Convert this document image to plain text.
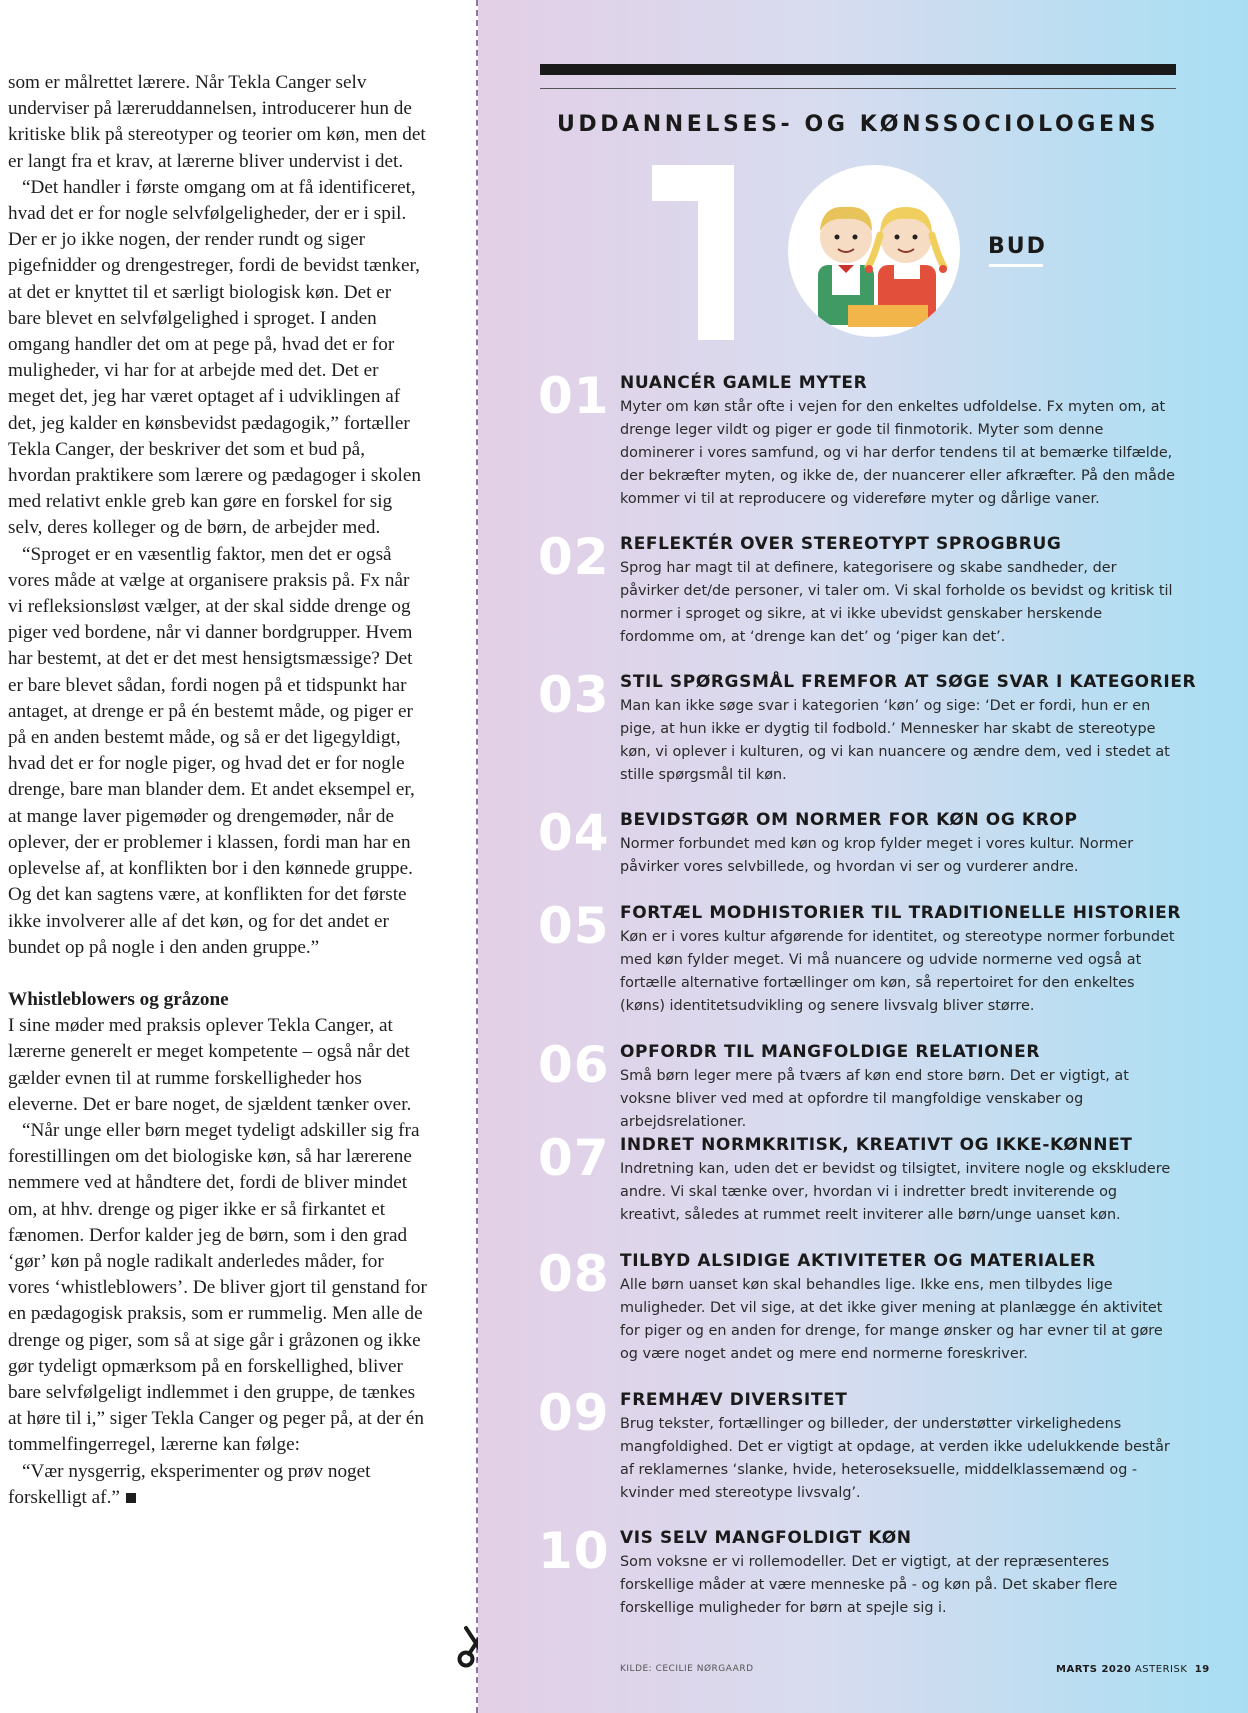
som er målrettet lærere. Når Tekla Canger selv underviser på læreruddannelsen, introducerer hun de kritiske blik på stereotyper og teorier om køn, men det er langt fra et krav, at lærerne bliver undervist i det.

“Det handler i første omgang om at få identificeret, hvad det er for nogle selvfølgeligheder, der er i spil. Der er jo ikke nogen, der render rundt og siger pigefnidder og drengestreger, fordi de bevidst tænker, at det er knyttet til et særligt biologisk køn. Det er bare blevet en selvfølgelighed i sproget. I anden omgang handler det om at pege på, hvad det er for muligheder, vi har for at arbejde med det. Det er meget det, jeg har været optaget af i udviklingen af det, jeg kalder en kønsbevidst pædagogik,” fortæller Tekla Canger, der beskriver det som et bud på, hvordan praktikere som lærere og pædagoger i skolen med relativt enkle greb kan gøre en forskel for sig selv, deres kolleger og de børn, de arbejder med.

“Sproget er en væsentlig faktor, men det er også vores måde at vælge at organisere praksis på. Fx når vi refleksionsløst vælger, at der skal sidde drenge og piger ved bordene, når vi danner bordgrupper. Hvem har bestemt, at det er det mest hensigtsmæssige? Det er bare blevet sådan, fordi nogen på et tidspunkt har antaget, at drenge er på én bestemt måde, og piger er på en anden bestemt måde, og så er det ligegyldigt, hvad det er for nogle piger, og hvad det er for nogle drenge, bare man blander dem. Et andet eksempel er, at mange laver pigemøder og drengemøder, når de oplever, der er problemer i klassen, fordi man har en oplevelse af, at konflikten bor i den kønnede gruppe. Og det kan sagtens være, at konflikten for det første ikke involverer alle af det køn, og for det andet er bundet op på nogle i den anden gruppe.”

Whistleblowers og gråzone

I sine møder med praksis oplever Tekla Canger, at lærerne generelt er meget kompetente – også når det gælder evnen til at rumme forskelligheder hos eleverne. Det er bare noget, de sjældent tænker over.

“Når unge eller børn meget tydeligt adskiller sig fra forestillingen om det biologiske køn, så har lærerene nemmere ved at håndtere det, fordi de bliver mindet om, at hhv. drenge og piger ikke er så firkantet et fænomen. Derfor kalder jeg de børn, som i den grad ‘gør’ køn på nogle radikalt anderledes måder, for vores ‘whistleblowers’. De bliver gjort til genstand for en pædagogisk praksis, som er rummelig. Men alle de drenge og piger, som så at sige går i gråzonen og ikke gør tydeligt opmærksom på en forskellighed, bliver bare selvfølgeligt indlemmet i den gruppe, de tænkes at høre til i,” siger Tekla Canger og peger på, at der én tommelfingerregel, lærerne kan følge:

“Vær nysgerrig, eksperimenter og prøv noget forskelligt af.”

UDDANNELSES- OG KØNSSOCIOLOGENS
BUD
01 NUANCÉR GAMLE MYTER
Myter om køn står ofte i vejen for den enkeltes udfoldelse. Fx myten om, at drenge leger vildt og piger er gode til finmotorik. Myter som denne dominerer i vores samfund, og vi har derfor tendens til at bemærke tilfælde, der bekræfter myten, og ikke de, der nuancerer eller afkræfter. På den måde kommer vi til at reproducere og videreføre myter og dårlige vaner.
02 REFLEKTÉR OVER STEREOTYPT SPROGBRUG
Sprog har magt til at definere, kategorisere og skabe sandheder, der påvirker det/de personer, vi taler om. Vi skal forholde os bevidst og kritisk til normer i sproget og sikre, at vi ikke ubevidst genskaber herskende fordomme om, at ‘drenge kan det’ og ‘piger kan det’.
03 STIL SPØRGSMÅL FREMFOR AT SØGE SVAR I KATEGORIER
Man kan ikke søge svar i kategorien ‘køn’ og sige: ‘Det er fordi, hun er en pige, at hun ikke er dygtig til fodbold.’ Mennesker har skabt de stereotype køn, vi oplever i kulturen, og vi kan nuancere og ændre dem, ved i stedet at stille spørgsmål til køn.
04 BEVIDSTGØR OM NORMER FOR KØN OG KROP
Normer forbundet med køn og krop fylder meget i vores kultur. Normer påvirker vores selvbillede, og hvordan vi ser og vurderer andre.
05 FORTÆL MODHISTORIER TIL TRADITIONELLE HISTORIER
Køn er i vores kultur afgørende for identitet, og stereotype normer forbundet med køn fylder meget. Vi må nuancere og udvide normerne ved også at fortælle alternative fortællinger om køn, så repertoiret for den enkeltes (køns) identitetsudvikling og senere livsvalg bliver større.
06 OPFORDR TIL MANGFOLDIGE RELATIONER
Små børn leger mere på tværs af køn end store børn. Det er vigtigt, at voksne bliver ved med at opfordre til mangfoldige venskaber og arbejdsrelationer.
07 INDRET NORMKRITISK, KREATIVT OG IKKE-KØNNET
Indretning kan, uden det er bevidst og tilsigtet, invitere nogle og ekskludere andre. Vi skal tænke over, hvordan vi i indretter bredt inviterende og kreativt, således at rummet reelt inviterer alle børn/unge uanset køn.
08 TILBYD ALSIDIGE AKTIVITETER OG MATERIALER
Alle børn uanset køn skal behandles lige. Ikke ens, men tilbydes lige muligheder. Det vil sige, at det ikke giver mening at planlægge én aktivitet for piger og en anden for drenge, for mange ønsker og har evner til at gøre og være noget andet og mere end normerne foreskriver.
09 FREMHÆV DIVERSITET
Brug tekster, fortællinger og billeder, der understøtter virkelighedens mangfoldighed. Det er vigtigt at opdage, at verden ikke udelukkende består af reklamernes ‘slanke, hvide, heteroseksuelle, middelklassemænd og - kvinder med stereotype livsvalg’.
10 VIS SELV MANGFOLDIGT KØN
Som voksne er vi rollemodeller. Det er vigtigt, at der repræsenteres forskellige måder at være menneske på - og køn på. Det skaber flere forskellige muligheder for børn at spejle sig i.
KILDE: CECILIE NØRGAARD	MARTS 2020 ASTERISK 19
